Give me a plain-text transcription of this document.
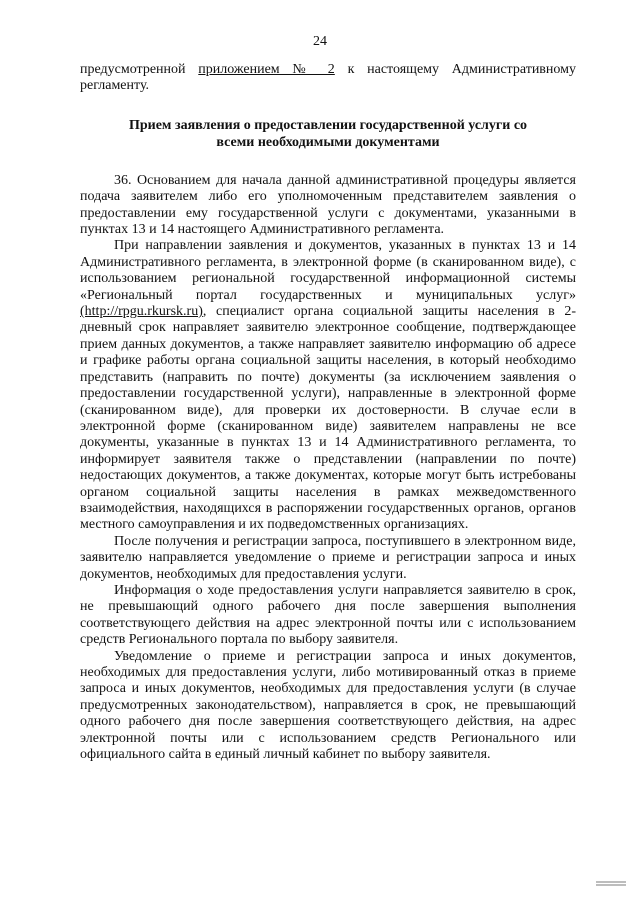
24

предусмотренной приложением № 2 к настоящему Административному регламенту.

Прием заявления о предоставлении государственной услуги со
всеми необходимыми документами

36. Основанием для начала данной административной процедуры является подача заявителем либо его уполномоченным представителем заявления о предоставлении ему государственной услуги с документами, указанными в пунктах 13 и 14 настоящего Административного регламента.

При направлении заявления и документов, указанных в пунктах 13 и 14 Административного регламента, в электронной форме (в сканированном виде), с использованием региональной государственной информационной системы «Региональный портал государственных и муниципальных услуг» (http://rpgu.rkursk.ru), специалист органа социальной защиты населения в 2-дневный срок направляет заявителю электронное сообщение, подтверждающее прием данных документов, а также направляет заявителю информацию об адресе и графике работы органа социальной защиты населения, в который необходимо представить (направить по почте) документы (за исключением заявления о предоставлении государственной услуги), направленные в электронной форме (сканированном виде), для проверки их достоверности. В случае если в электронной форме (сканированном виде) заявителем направлены не все документы, указанные в пунктах 13 и 14 Административного регламента, то информирует заявителя также о представлении (направлении по почте) недостающих документов, а также документах, которые могут быть истребованы органом социальной защиты населения в рамках межведомственного взаимодействия, находящихся в распоряжении государственных органов, органов местного самоуправления и их подведомственных организациях.

После получения и регистрации запроса, поступившего в электронном виде, заявителю направляется уведомление о приеме и регистрации запроса и иных документов, необходимых для предоставления услуги.

Информация о ходе предоставления услуги направляется заявителю в срок, не превышающий одного рабочего дня после завершения выполнения соответствующего действия на адрес электронной почты или с использованием средств Регионального портала по выбору заявителя.

Уведомление о приеме и регистрации запроса и иных документов, необходимых для предоставления услуги, либо мотивированный отказ в приеме запроса и иных документов, необходимых для предоставления услуги (в случае предусмотренных законодательством), направляется в срок, не превышающий одного рабочего дня после завершения соответствующего действия, на адрес электронной почты или с использованием средств Регионального или официального сайта в единый личный кабинет по выбору заявителя.
